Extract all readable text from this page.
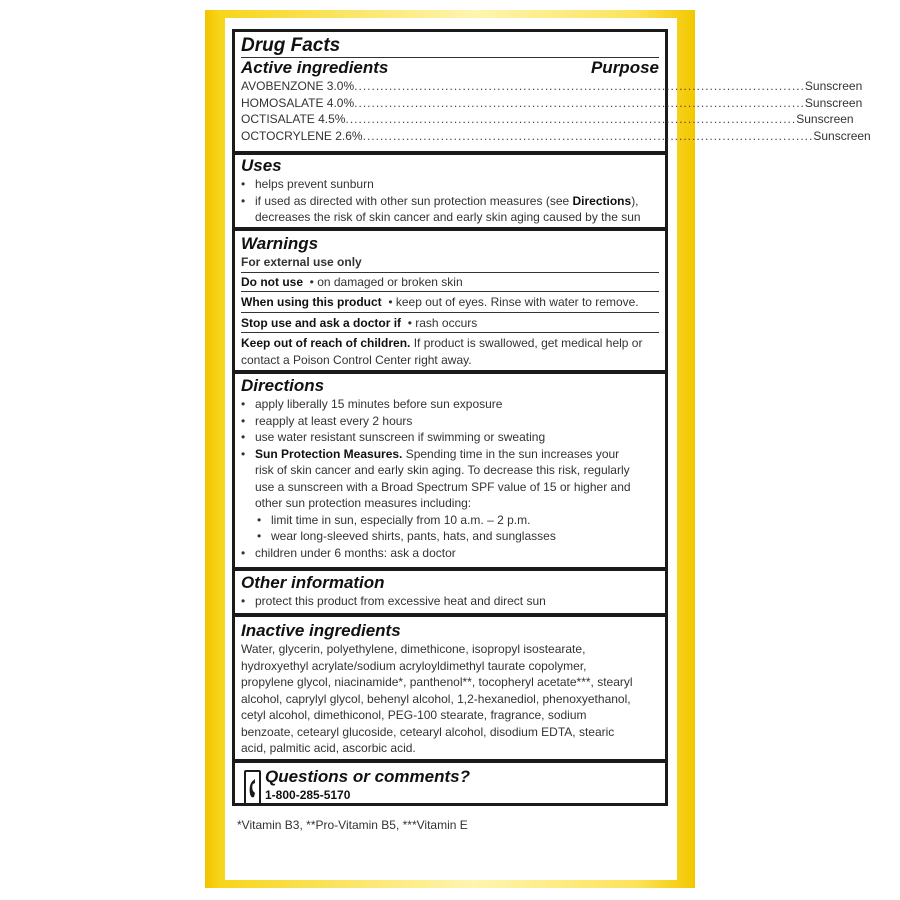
Drug Facts
Active ingredients	Purpose
AVOBENZONE 3.0% ........................................................................................................ Sunscreen
HOMOSALATE 4.0% ........................................................................................................ Sunscreen
OCTISALATE 4.5% ........................................................................................................ Sunscreen
OCTOCRYLENE 2.6% ........................................................................................................ Sunscreen
Uses
• helps prevent sunburn
• if used as directed with other sun protection measures (see Directions),
decreases the risk of skin cancer and early skin aging caused by the sun
Warnings
For external use only
Do not use  • on damaged or broken skin
When using this product  • keep out of eyes. Rinse with water to remove.
Stop use and ask a doctor if  • rash occurs
Keep out of reach of children. If product is swallowed, get medical help or
contact a Poison Control Center right away.
Directions
• apply liberally 15 minutes before sun exposure
• reapply at least every 2 hours
• use water resistant sunscreen if swimming or sweating
• Sun Protection Measures. Spending time in the sun increases your
risk of skin cancer and early skin aging. To decrease this risk, regularly
use a sunscreen with a Broad Spectrum SPF value of 15 or higher and
other sun protection measures including:
• limit time in sun, especially from 10 a.m. – 2 p.m.
• wear long-sleeved shirts, pants, hats, and sunglasses
• children under 6 months: ask a doctor
Other information
• protect this product from excessive heat and direct sun
Inactive ingredients
Water, glycerin, polyethylene, dimethicone, isopropyl isostearate,
hydroxyethyl acrylate/sodium acryloyldimethyl taurate copolymer,
propylene glycol, niacinamide*, panthenol**, tocopheryl acetate***, stearyl
alcohol, caprylyl glycol, behenyl alcohol, 1,2-hexanediol, phenoxyethanol,
cetyl alcohol, dimethiconol, PEG-100 stearate, fragrance, sodium
benzoate, cetearyl glucoside, cetearyl alcohol, disodium EDTA, stearic
acid, palmitic acid, ascorbic acid.
Questions or comments?
1-800-285-5170
*Vitamin B3, **Pro-Vitamin B5, ***Vitamin E
